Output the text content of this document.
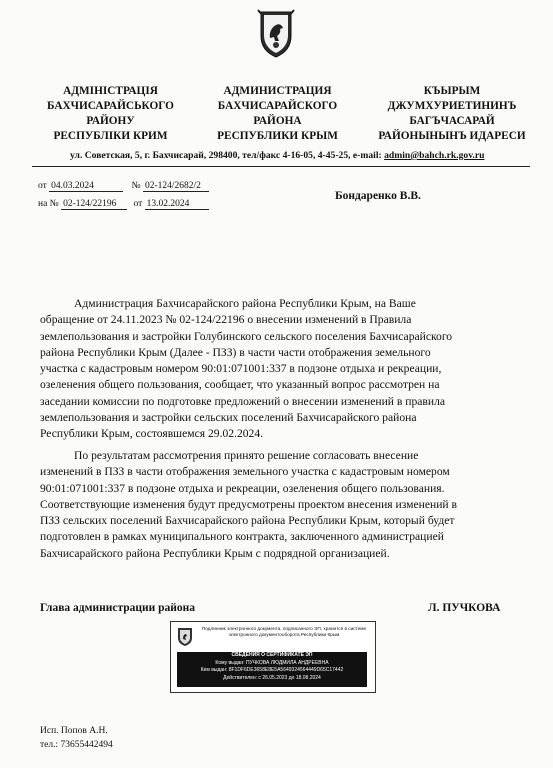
АДМІНІСТРАЦІЯ
БАХЧИСАРАЙСЬКОГО
РАЙОНУ
РЕСПУБЛІКИ КРИМ
АДМИНИСТРАЦИЯ
БАХЧИСАРАЙСКОГО
РАЙОНА
РЕСПУБЛИКИ КРЫМ
КЪЫРЫМ
ДЖУМХУРИЕТИНИНЪ
БАГЪЧАСАРАЙ
РАЙОНЫНЫНЪ ИДАРЕСИ
ул. Советская, 5, г. Бахчисарай, 298400, тел/факс 4-16-05, 4-45-25, e-mail: admin@bahch.rk.gov.ru
от 04.03.2024	№ 02-124/2682/2
на № 02-124/22196 от 13.02.2024
Бондаренко В.В.
Администрация Бахчисарайского района Республики Крым, на Ваше
обращение от 24.11.2023 № 02-124/22196 о внесении изменений в Правила
землепользования и застройки Голубинского сельского поселения Бахчисарайского
района Республики Крым (Далее - ПЗЗ) в части части отображения земельного
участка с кадастровым номером 90:01:071001:337 в подзоне отдыха и рекреации,
озеленения общего пользования, сообщает, что указанный вопрос рассмотрен на
заседании комиссии по подготовке предложений о внесении изменений в правила
землепользования и застройки сельских поселений Бахчисарайского района
Республики Крым, состоявшемся 29.02.2024.
По результатам рассмотрения принято решение согласовать внесение
изменений в ПЗЗ в части отображения земельного участка с кадастровым номером
90:01:071001:337 в подзоне отдыха и рекреации, озеленения общего пользования.
Соответствующие изменения будут предусмотрены проектом внесения изменений в
ПЗЗ сельских поселений Бахчисарайского района Республики Крым, который будет
подготовлен в рамках муниципального контракта, заключенного администрацией
Бахчисарайского района Республики Крым с подрядной организацией.
Глава администрации района	Л. ПУЧКОВА
Подлинник электронного документа, подписанного ЭП, хранится в системе электронного документооборота Республики Крым
СВЕДЕНИЯ О СЕРТИФИКАТЕ ЭП
Кому выдан: ПУЧКОВА ЛЮДМИЛА АНДРЕЕВНА
Кем выдан: 8F1DF6DE3658E8E5A5649324564449D65C17442
Действителен: с 26.05.2023 до 18.08.2024
Исп. Попов А.Н.
тел.: 73655442494
